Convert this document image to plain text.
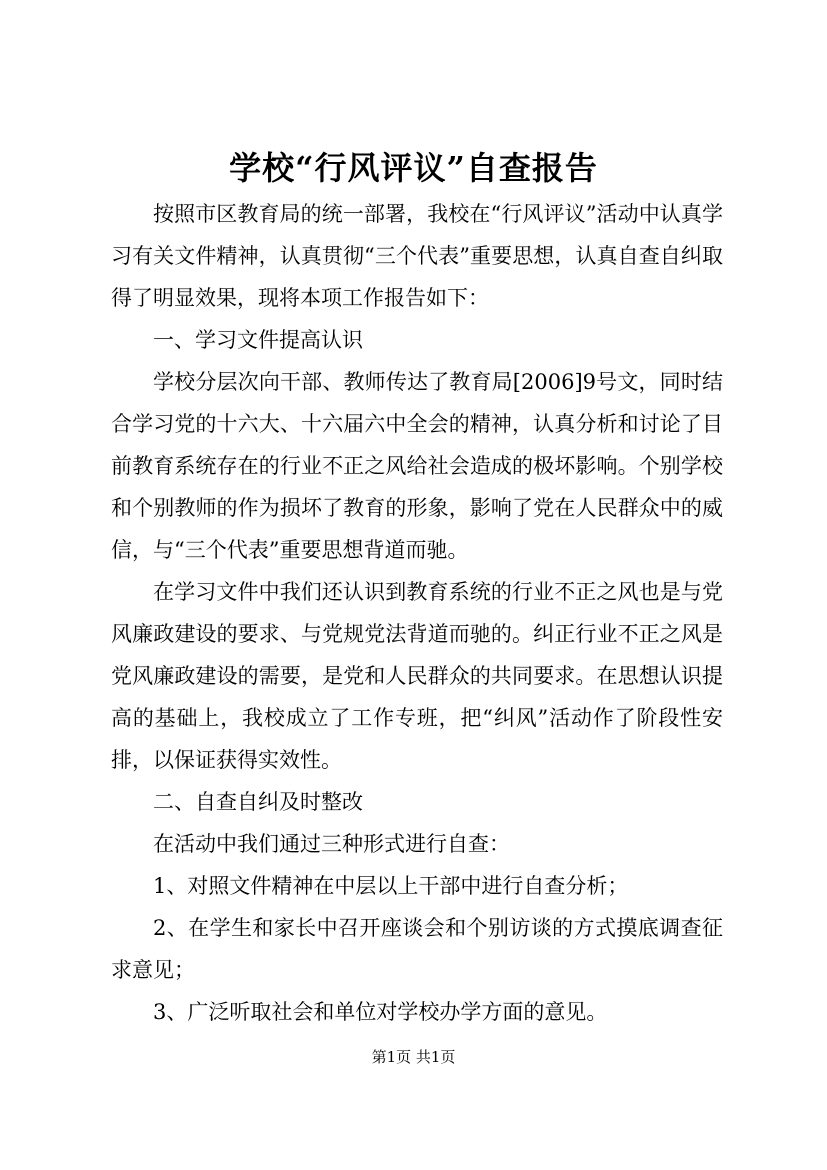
学校“行风评议”自查报告

按照市区教育局的统一部署，我校在“行风评议”活动中认真学习有关文件精神，认真贯彻“三个代表”重要思想，认真自查自纠取得了明显效果，现将本项工作报告如下：

一、学习文件提高认识

学校分层次向干部、教师传达了教育局[2006]9号文，同时结合学习党的十六大、十六届六中全会的精神，认真分析和讨论了目前教育系统存在的行业不正之风给社会造成的极坏影响。个别学校和个别教师的作为损坏了教育的形象，影响了党在人民群众中的威信，与“三个代表”重要思想背道而驰。

在学习文件中我们还认识到教育系统的行业不正之风也是与党风廉政建设的要求、与党规党法背道而驰的。纠正行业不正之风是党风廉政建设的需要，是党和人民群众的共同要求。在思想认识提高的基础上，我校成立了工作专班，把“纠风”活动作了阶段性安排，以保证获得实效性。

二、自查自纠及时整改

在活动中我们通过三种形式进行自查：

1、对照文件精神在中层以上干部中进行自查分析；

2、在学生和家长中召开座谈会和个别访谈的方式摸底调查征求意见；

3、广泛听取社会和单位对学校办学方面的意见。

第1页 共1页
